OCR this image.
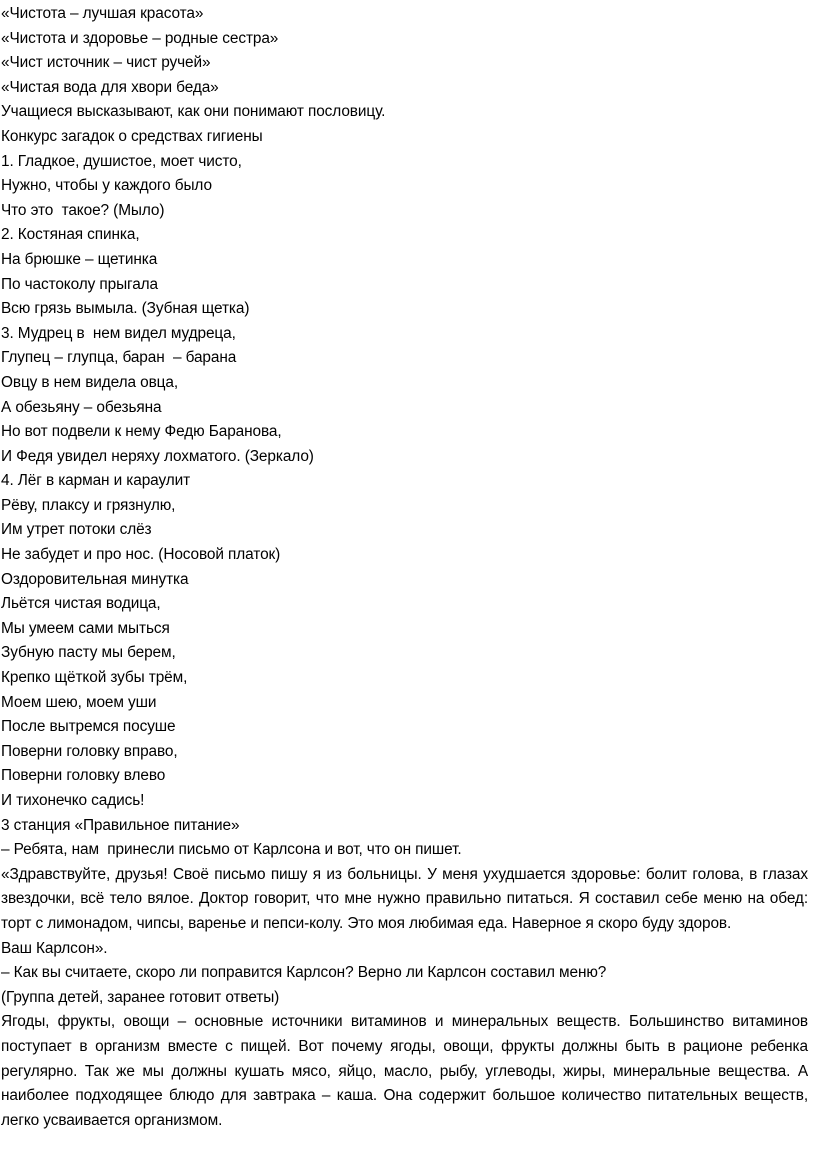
«Чистота – лучшая красота»
«Чистота и здоровье – родные сестра»
«Чист источник – чист ручей»
«Чистая вода для хвори беда»
Учащиеся высказывают, как они понимают пословицу.
Конкурс загадок о средствах гигиены
1. Гладкое, душистое, моет чисто,
Нужно, чтобы у каждого было
Что это  такое? (Мыло)
2. Костяная спинка,
На брюшке – щетинка
По частоколу прыгала
Всю грязь вымыла. (Зубная щетка)
3. Мудрец в  нем видел мудреца,
Глупец – глупца, баран  – барана
Овцу в нем видела овца,
А обезьяну – обезьяна
Но вот подвели к нему Федю Баранова,
И Федя увидел неряху лохматого. (Зеркало)
4. Лёг в карман и караулит
Рёву, плаксу и грязнулю,
Им утрет потоки слёз
Не забудет и про нос. (Носовой платок)
Оздоровительная минутка
Льётся чистая водица,
Мы умеем сами мыться
Зубную пасту мы берем,
Крепко щёткой зубы трём,
Моем шею, моем уши
После вытремся посуше
Поверни головку вправо,
Поверни головку влево
И тихонечко садись!
3 станция «Правильное питание»
– Ребята, нам  принесли письмо от Карлсона и вот, что он пишет.
«Здравствуйте, друзья! Своё письмо пишу я из больницы. У меня ухудшается здоровье: болит голова, в глазах звездочки, всё тело вялое. Доктор говорит, что мне нужно правильно питаться. Я составил себе меню на обед: торт с лимонадом, чипсы, варенье и пепси-колу. Это моя любимая еда. Наверное я скоро буду здоров.
Ваш Карлсон».
– Как вы считаете, скоро ли поправится Карлсон? Верно ли Карлсон составил меню?
(Группа детей, заранее готовит ответы)
Ягоды, фрукты, овощи – основные источники витаминов и минеральных веществ. Большинство витаминов поступает в организм вместе с пищей. Вот почему ягоды, овощи, фрукты должны быть в рационе ребенка регулярно. Так же мы должны кушать мясо, яйцо, масло, рыбу, углеводы, жиры, минеральные вещества. А наиболее подходящее блюдо для завтрака – каша. Она содержит большое количество питательных веществ, легко усваивается организмом.
